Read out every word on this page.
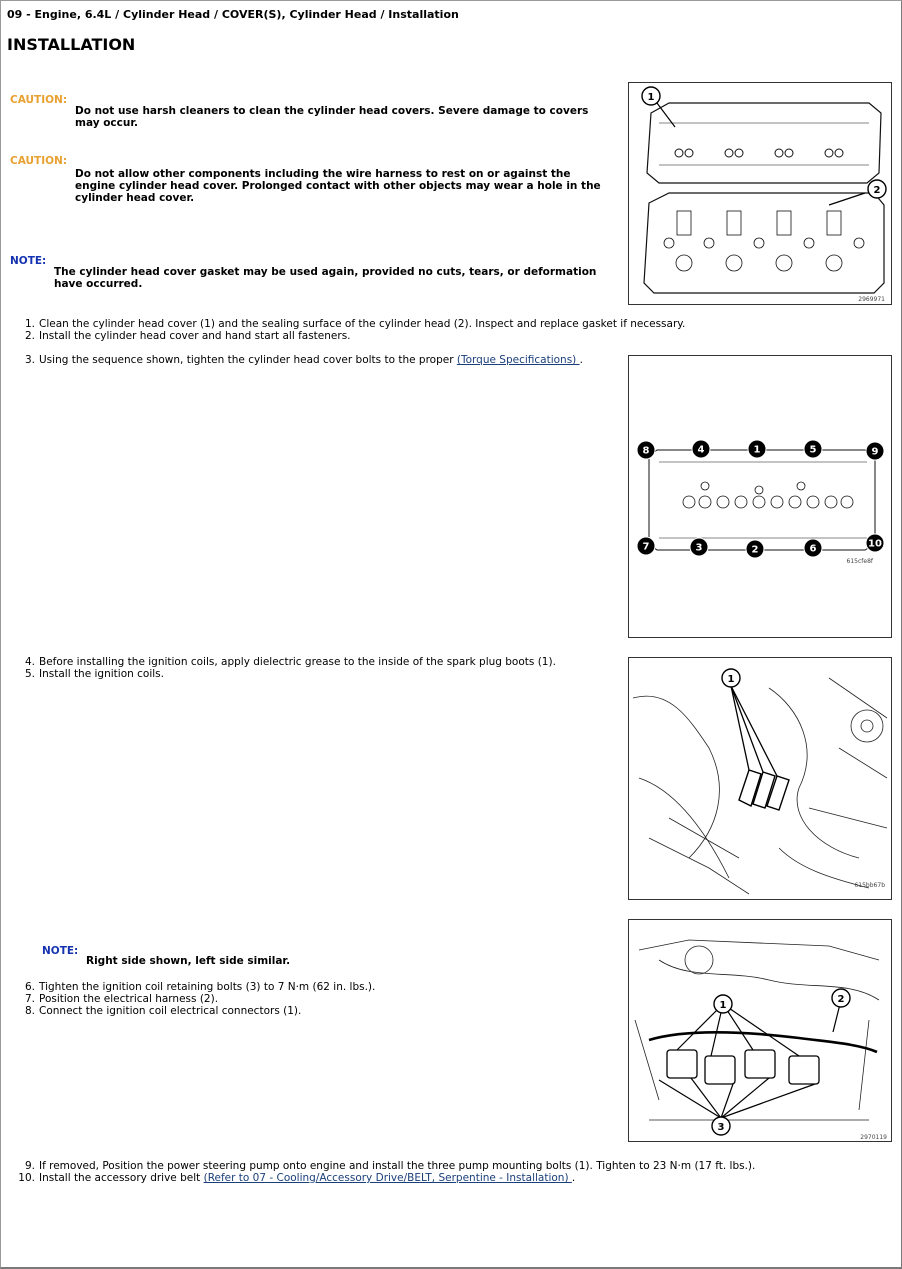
09 - Engine, 6.4L / Cylinder Head / COVER(S), Cylinder Head / Installation
INSTALLATION
CAUTION:
Do not use harsh cleaners to clean the cylinder head covers. Severe damage to covers
may occur.
CAUTION:
Do not allow other components including the wire harness to rest on or against the
engine cylinder head cover. Prolonged contact with other objects may wear a hole in the
cylinder head cover.
NOTE:
The cylinder head cover gasket may be used again, provided no cuts, tears, or deformation
have occurred.
1. Clean the cylinder head cover (1) and the sealing surface of the cylinder head (2). Inspect and replace gasket if necessary.
2. Install the cylinder head cover and hand start all fasteners.
3. Using the sequence shown, tighten the cylinder head cover bolts to the proper (Torque Specifications) .
4. Before installing the ignition coils, apply dielectric grease to the inside of the spark plug boots (1).
5. Install the ignition coils.
NOTE:
Right side shown, left side similar.
6. Tighten the ignition coil retaining bolts (3) to 7 N·m (62 in. lbs.).
7. Position the electrical harness (2).
8. Connect the ignition coil electrical connectors (1).
9. If removed, Position the power steering pump onto engine and install the three pump mounting bolts (1). Tighten to 23 N·m (17 ft. lbs.).
10. Install the accessory drive belt (Refer to 07 - Cooling/Accessory Drive/BELT, Serpentine - Installation) .
1
2
2969971
8	4	1	5	9
7	3	2	6	10
615cfe8f
1
615bb67b
1
2
3
2970119
